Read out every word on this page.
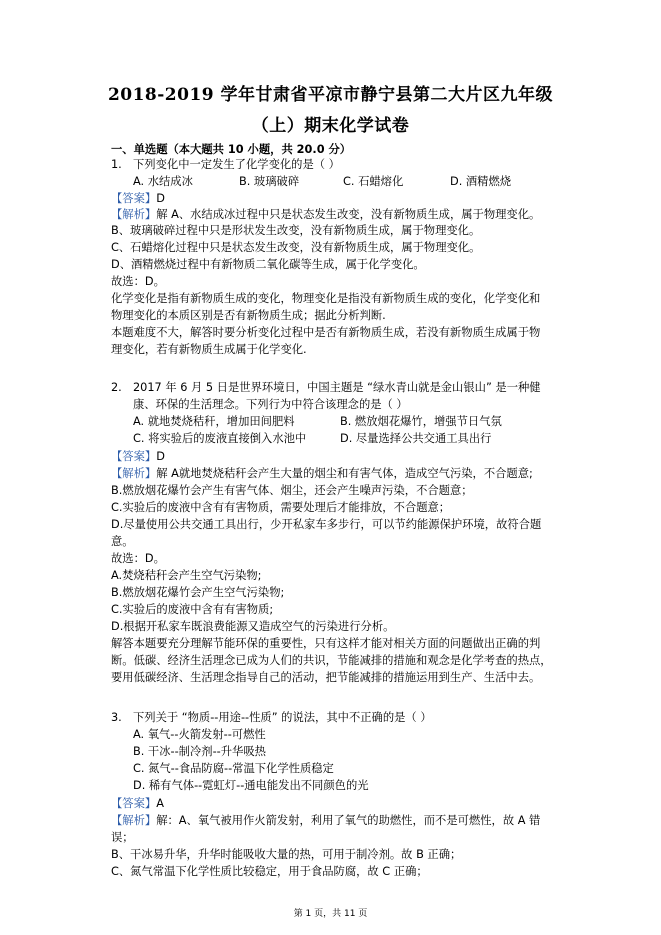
2018-2019 学年甘肃省平凉市静宁县第二大片区九年级
（上）期末化学试卷
一、单选题（本大题共 10 小题，共 20.0 分）
1. 下列变化中一定发生了化学变化的是（ ）
A. 水结成冰	B. 玻璃破碎	C. 石蜡熔化	D. 酒精燃烧
【答案】D
【解析】解 A、水结成冰过程中只是状态发生改变，没有新物质生成，属于物理变化。
B、玻璃破碎过程中只是形状发生改变，没有新物质生成，属于物理变化。
C、石蜡熔化过程中只是状态发生改变，没有新物质生成，属于物理变化。
D、酒精燃烧过程中有新物质二氧化碳等生成，属于化学变化。
故选：D。
化学变化是指有新物质生成的变化，物理变化是指没有新物质生成的变化，化学变化和
物理变化的本质区别是否有新物质生成；据此分析判断.
本题难度不大，解答时要分析变化过程中是否有新物质生成，若没有新物质生成属于物
理变化，若有新物质生成属于化学变化.
2. 2017 年 6 月 5 日是世界环境日，中国主题是 “绿水青山就是金山银山” 是一种健
康、环保的生活理念。下列行为中符合该理念的是（ ）
A. 就地焚烧秸秆，增加田间肥料	B. 燃放烟花爆竹，增强节日气氛
C. 将实验后的废液直接倒入水池中	D. 尽量选择公共交通工具出行
【答案】D
【解析】解 A就地焚烧秸秆会产生大量的烟尘和有害气体，造成空气污染，不合题意;
B.燃放烟花爆竹会产生有害气体、烟尘，还会产生噪声污染，不合题意；
C.实验后的废液中含有有害物质，需要处理后才能排放，不合题意；
D.尽量使用公共交通工具出行，少开私家车多步行，可以节约能源保护环境，故符合题
意。
故选：D。
A.焚烧秸秆会产生空气污染物;
B.燃放烟花爆竹会产生空气污染物;
C.实验后的废液中含有有害物质;
D.根据开私家车既浪费能源又造成空气的污染进行分析。
解答本题要充分理解节能环保的重要性，只有这样才能对相关方面的问题做出正确的判
断。低碳、经济生活理念已成为人们的共识，节能减排的措施和观念是化学考查的热点，
要用低碳经济、生活理念指导自己的活动，把节能减排的措施运用到生产、生活中去。
3. 下列关于 “物质--用途--性质” 的说法，其中不正确的是（ ）
A. 氧气--火箭发射--可燃性
B. 干冰--制冷剂--升华吸热
C. 氮气--食品防腐--常温下化学性质稳定
D. 稀有气体--霓虹灯--通电能发出不同颜色的光
【答案】A
【解析】解：A、氧气被用作火箭发射，利用了氧气的助燃性，而不是可燃性，故 A 错
误；
B、干冰易升华，升华时能吸收大量的热，可用于制冷剂。故 B 正确；
C、氮气常温下化学性质比较稳定，用于食品防腐，故 C 正确；
第 1 页，共 11 页
